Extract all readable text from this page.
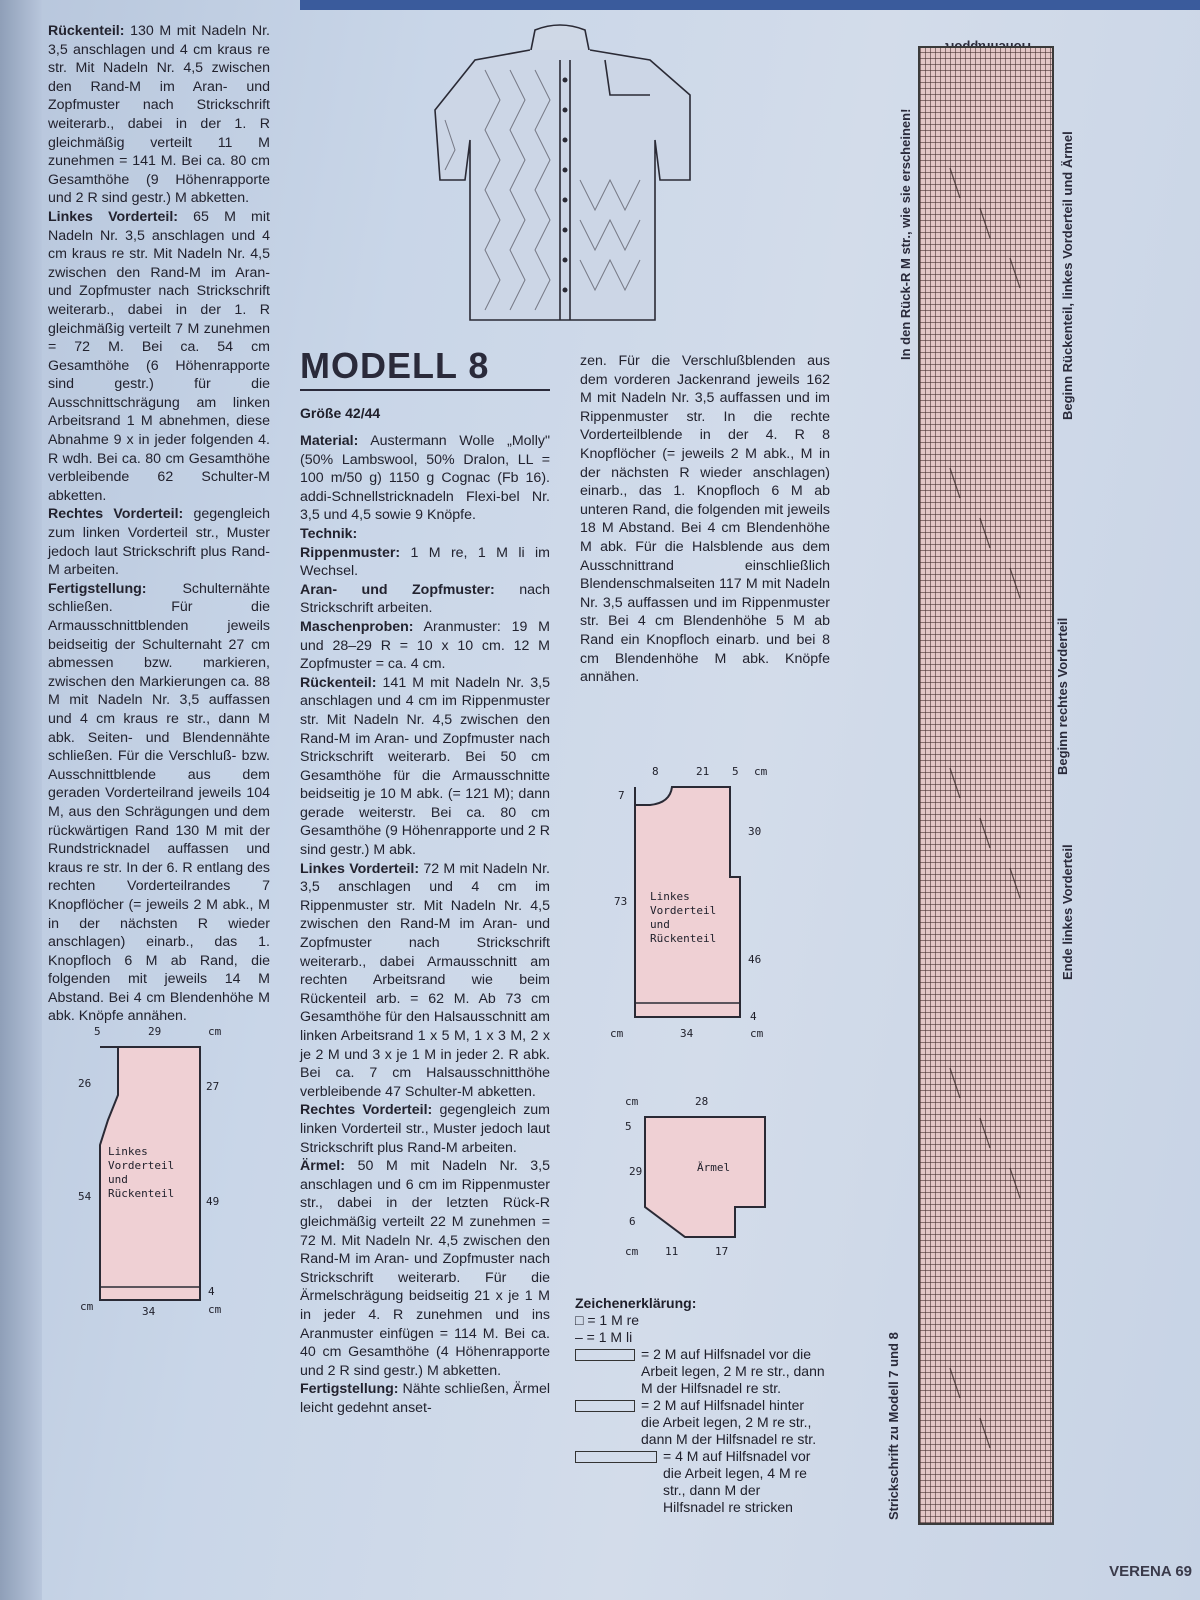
Rückenteil: 130 M mit Nadeln Nr. 3,5 anschlagen und 4 cm kraus re str. Mit Nadeln Nr. 4,5 zwischen den Rand-M im Aran- und Zopfmuster nach Strickschrift weiterarb., dabei in der 1. R gleichmäßig verteilt 11 M zunehmen = 141 M. Bei ca. 80 cm Gesamthöhe (9 Höhenrapporte und 2 R sind gestr.) M abketten.

Linkes Vorderteil: 65 M mit Nadeln Nr. 3,5 anschlagen und 4 cm kraus re str. Mit Nadeln Nr. 4,5 zwischen den Rand-M im Aran- und Zopfmuster nach Strickschrift weiterarb., dabei in der 1. R gleichmäßig verteilt 7 M zunehmen = 72 M. Bei ca. 54 cm Gesamthöhe (6 Höhenrapporte sind gestr.) für die Ausschnittschrägung am linken Arbeitsrand 1 M abnehmen, diese Abnahme 9 x in jeder folgenden 4. R wdh. Bei ca. 80 cm Gesamthöhe verbleibende 62 Schulter-M abketten.

Rechtes Vorderteil: gegengleich zum linken Vorderteil str., Muster jedoch laut Strickschrift plus Rand-M arbeiten.

Fertigstellung:	Schulternähte schließen. Für die Armausschnittblenden jeweils beidseitig der Schulternaht 27 cm abmessen bzw. markieren, zwischen den Markierungen ca. 88 M mit Nadeln Nr. 3,5 auffassen und 4 cm kraus re str., dann M abk. Seiten- und Blendennähte schließen. Für die Verschluß- bzw. Ausschnittblende aus dem geraden Vorderteilrand jeweils 104 M, aus den Schrägungen und dem rückwärtigen Rand 130 M mit der Rundstricknadel auffassen und kraus re str. In der 6. R entlang des rechten Vorderteilrandes 7 Knopflöcher (= jeweils 2 M abk., M in der nächsten R wieder anschlagen) einarb., das 1. Knopfloch 6 M ab Rand, die folgenden mit jeweils 14 M Abstand. Bei 4 cm Blendenhöhe M abk. Knöpfe annähen.

MODELL 8
Größe 42/44

Material: Austermann Wolle „Molly" (50% Lambswool, 50% Dralon, LL = 100 m/50 g) 1150 g Cognac (Fb 16). addi-Schnellstricknadeln Flexi-bel Nr. 3,5 und 4,5 sowie 9 Knöpfe.

Technik:

Rippenmuster: 1 M re, 1 M li im Wechsel.

Aran- und Zopfmuster: nach Strickschrift arbeiten.

Maschenproben: Aranmuster: 19 M und 28–29 R = 10 x 10 cm. 12 M Zopfmuster = ca. 4 cm.

Rückenteil: 141 M mit Nadeln Nr. 3,5 anschlagen und 4 cm im Rippenmuster str. Mit Nadeln Nr. 4,5 zwischen den Rand-M im Aran- und Zopfmuster nach Strickschrift weiterarb. Bei 50 cm Gesamthöhe für die Armausschnitte beidseitig je 10 M abk. (= 121 M); dann gerade weiterstr. Bei ca. 80 cm Gesamthöhe (9 Höhenrapporte und 2 R sind gestr.) M abk.

Linkes Vorderteil: 72 M mit Nadeln Nr. 3,5 anschlagen und 4 cm im Rippenmuster str. Mit Nadeln Nr. 4,5 zwischen den Rand-M im Aran- und Zopfmuster nach Strickschrift weiterarb., dabei Armausschnitt am rechten Arbeitsrand wie beim Rückenteil arb. = 62 M. Ab 73 cm Gesamthöhe für den Halsausschnitt am linken Arbeitsrand 1 x 5 M, 1 x 3 M, 2 x je 2 M und 3 x je 1 M in jeder 2. R abk. Bei ca. 7 cm Halsausschnitthöhe verbleibende 47 Schulter-M abketten.

Rechtes Vorderteil: gegengleich zum linken Vorderteil str., Muster jedoch laut Strickschrift plus Rand-M arbeiten.

Ärmel: 50 M mit Nadeln Nr. 3,5 anschlagen und 6 cm im Rippenmuster str., dabei in der letzten Rück-R gleichmäßig verteilt 22 M zunehmen = 72 M. Mit Nadeln Nr. 4,5 zwischen den Rand-M im Aran- und Zopfmuster nach Strickschrift weiterarb. Für die Ärmelschrägung beidseitig 21 x je 1 M in jeder 4. R zunehmen und ins Aranmuster einfügen = 114 M. Bei ca. 40 cm Gesamthöhe (4 Höhenrapporte und 2 R sind gestr.) M abketten.

Fertigstellung: Nähte schließen, Ärmel leicht gedehnt anset-

zen. Für die Verschlußblenden aus dem vorderen Jackenrand jeweils 162 M mit Nadeln Nr. 3,5 auffassen und im Rippenmuster str. In die rechte Vorderteilblende in der 4. R 8 Knopflöcher (= jeweils 2 M abk., M in der nächsten R wieder anschlagen) einarb., das 1. Knopfloch 6 M ab unteren Rand, die folgenden mit jeweils 18 M Abstand. Bei 4 cm Blendenhöhe M abk. Für die Halsblende aus dem Ausschnittrand einschließlich Blendenschmalseiten 117 M mit Nadeln Nr. 3,5 auffassen und im Rippenmuster str. Bei 4 cm Blendenhöhe 5 M ab Rand ein Knopfloch einarb. und bei 8 cm Blendenhöhe M abk. Knöpfe annähen.

5	29	cm
26
54
cm
27
49
4
cm
34
Linkes Vorderteil und Rückenteil
8	21 5 cm
7
73
cm
30
46
4
cm
34
Linkes Vorderteil und Rückenteil
cm	28
5
29
6
cm 11	17
Ärmel
Zeichenerklärung:
□ = 1 M re
– = 1 M li
= 2 M auf Hilfsnadel vor die Arbeit legen, 2 M re str., dann M der Hilfsnadel re str.
= 2 M auf Hilfsnadel hinter die Arbeit legen, 2 M re str., dann M der Hilfsnadel re str.
= 4 M auf Hilfsnadel vor die Arbeit legen, 4 M re str., dann M der Hilfsnadel re stricken
In den Rück-R M str., wie sie erscheinen!
Strickschrift zu Modell 7 und 8
Beginn Rückenteil, linkes Vorderteil und Ärmel
Beginn rechtes Vorderteil
Ende linkes Vorderteil
VERENA 69
